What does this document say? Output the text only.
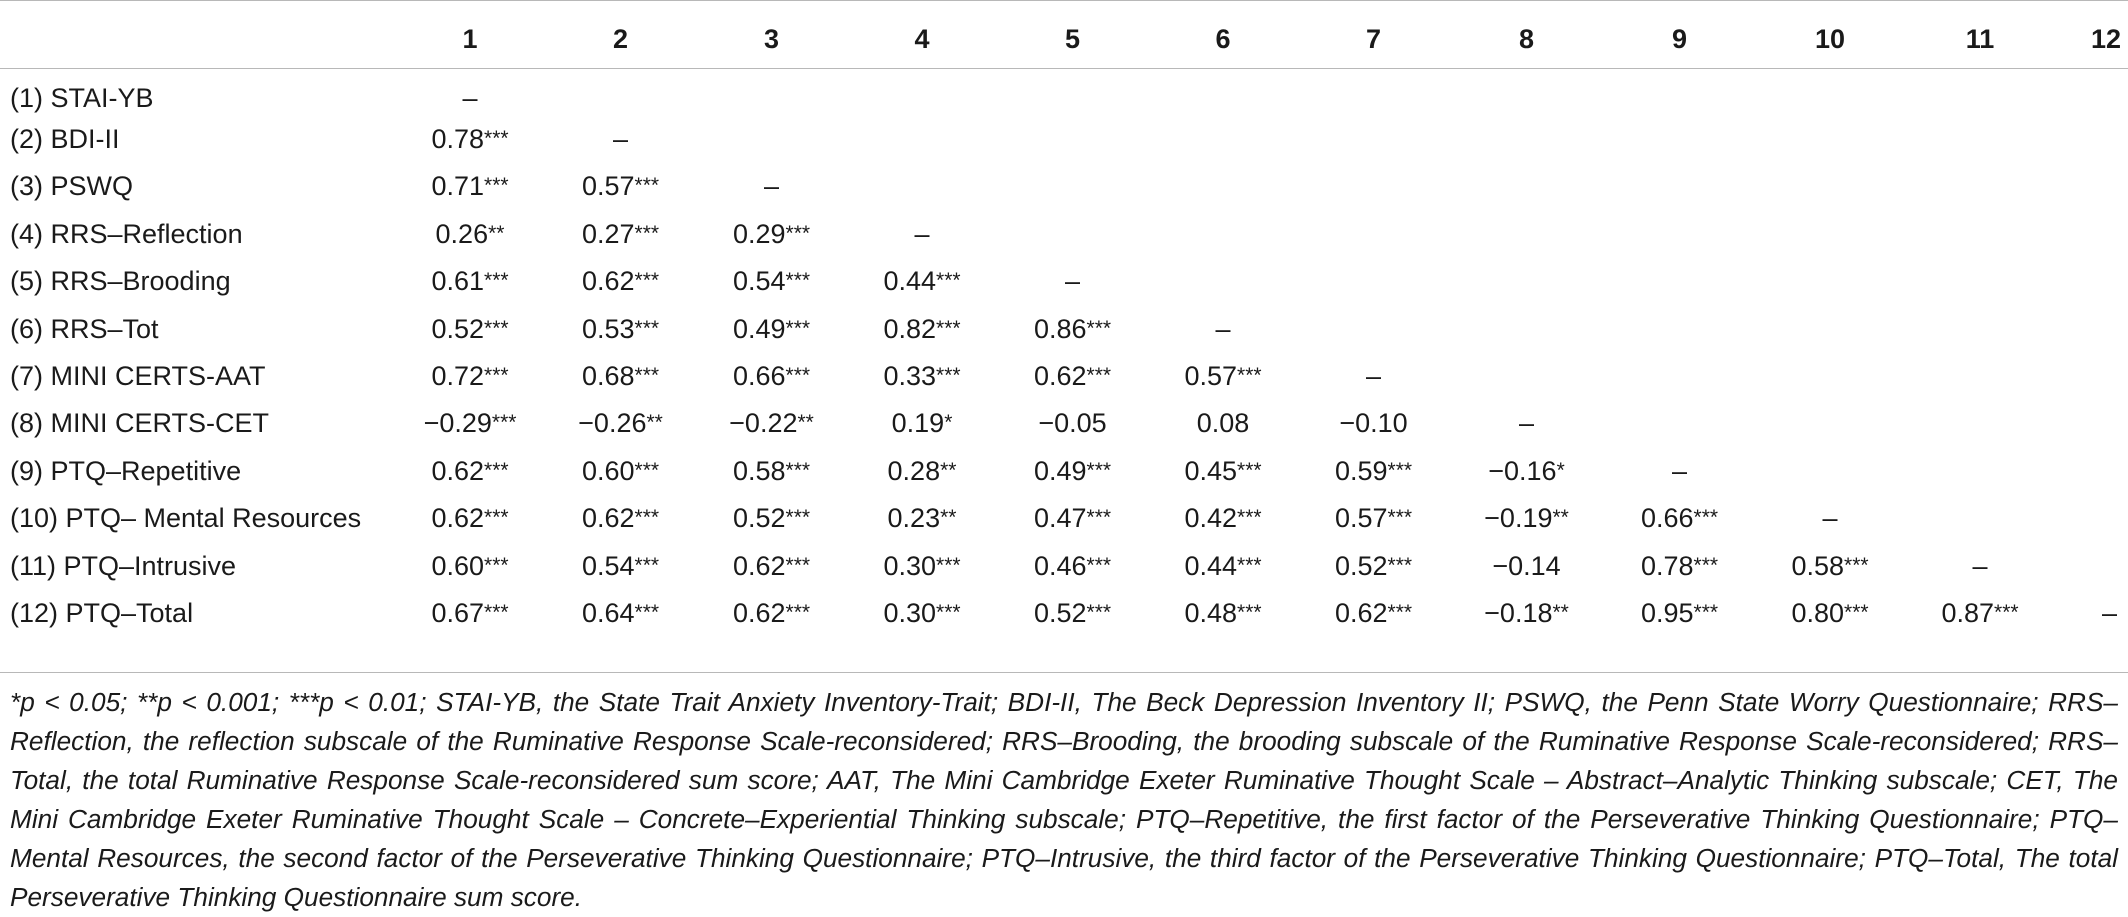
	1	2	3	4	5	6	7	8	9	10	11	12
(1) STAI-YB	–											
(2) BDI-II	0.78***	–										
(3) PSWQ	0.71***	0.57***	–									
(4) RRS–Reflection	0.26**	0.27***	0.29***	–								
(5) RRS–Brooding	0.61***	0.62***	0.54***	0.44***	–							
(6) RRS–Tot	0.52***	0.53***	0.49***	0.82***	0.86***	–						
(7) MINI CERTS-AAT	0.72***	0.68***	0.66***	0.33***	0.62***	0.57***	–					
(8) MINI CERTS-CET	−0.29***	−0.26**	−0.22**	0.19*	−0.05	0.08	−0.10	–				
(9) PTQ–Repetitive	0.62***	0.60***	0.58***	0.28**	0.49***	0.45***	0.59***	−0.16*	–			
(10) PTQ– Mental Resources	0.62***	0.62***	0.52***	0.23**	0.47***	0.42***	0.57***	−0.19**	0.66***	–		
(11) PTQ–Intrusive	0.60***	0.54***	0.62***	0.30***	0.46***	0.44***	0.52***	−0.14	0.78***	0.58***	–	
(12) PTQ–Total	0.67***	0.64***	0.62***	0.30***	0.52***	0.48***	0.62***	−0.18**	0.95***	0.80***	0.87***	–
*p < 0.05; **p < 0.001; ***p < 0.01; STAI-YB, the State Trait Anxiety Inventory-Trait; BDI-II, The Beck Depression Inventory II; PSWQ, the Penn State Worry Questionnaire; RRS–Reflection, the reflection subscale of the Ruminative Response Scale-reconsidered; RRS–Brooding, the brooding subscale of the Ruminative Response Scale-reconsidered; RRS–Total, the total Ruminative Response Scale-reconsidered sum score; AAT, The Mini Cambridge Exeter Ruminative Thought Scale – Abstract–Analytic Thinking subscale; CET, The Mini Cambridge Exeter Ruminative Thought Scale – Concrete–Experiential Thinking subscale; PTQ–Repetitive, the first factor of the Perseverative Thinking Questionnaire; PTQ–Mental Resources, the second factor of the Perseverative Thinking Questionnaire; PTQ–Intrusive, the third factor of the Perseverative Thinking Questionnaire; PTQ–Total, The total Perseverative Thinking Questionnaire sum score.
